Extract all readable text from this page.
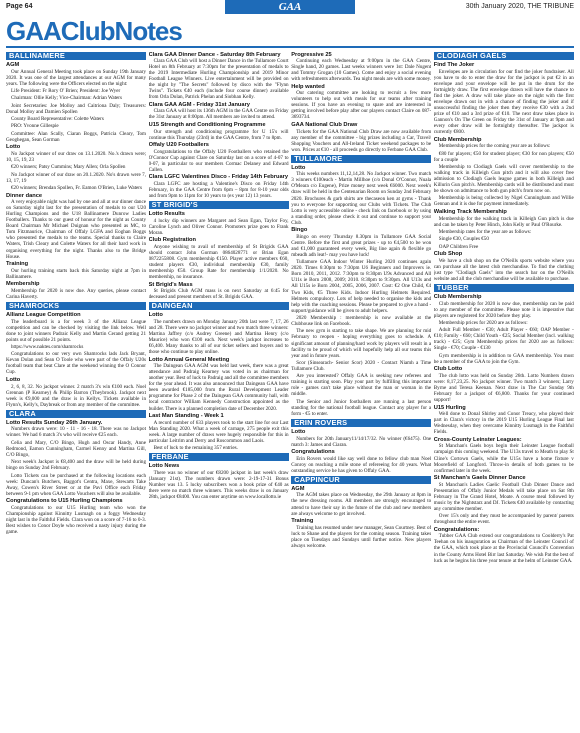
Page 64	GAA	30th January 2020, THE TRIBUNE
GAAClubNotes
BALLINAMERE
AGM
Our Annual General Meeting took place on Sunday 19th January 2020. It was one of the largest attendances at our AGM for many years. The following were the Officers elected on the night:
Life President: Fr Rory O' Brien; President: Joe Wyer
Chairman: Ollie Kelly; Vice-Chairman: Adrian Waters
Joint Secretaries: Joe Molloy and Caitriona Daly; Treasurers: Donal Molloy and Damien Spollen
County Board Representative: Colette Waters
PRO: Yvonne Gillespie
Committee: Alan Scally, Ciaran Boggs, Patricia Cleary, Tom Geoghegan, Sean Gorman
Lotto
No Jackpot winner of our draw on 13.1.2020. No.'s drawn were; 10, 15, 19, 23
€20 winners; Patsy Cummins; Mary Allen; Orla Spollen
No Jackpot winner of our draw on 20.1.2020. No's drawn were 7, 13, 17, 19
€20 winners; Brendan Spollen, Fr. Eamon O'Brien, Luke Waters
Dinner dance
A very enjoyable night was had by one and all at our dinner dance on Saturday night last for the presentation of medals to our U20 Hurling Champions and the U18 Ballinamere Dunrow Ladies Footballers. Thanks to our guest of honour for the night as County Board Chairman Mr Michael Duignan who presented as MC, to Tom Fitzmaurice, Chairman of Offaly LGFA and Eoghan Boggs who presented the medals to the teams. Special thanks to Claire Waters, Trish Cleary and Colette Waters for all their hard work in organising everything for the night. Thanks also to the Bridge House.
Training
Our hurling training starts back this Saturday night at 7pm in Ballinamere.
Membership
Membership for 2020 is now due. Any queries, please contact Carina Haverty.
SHAMROCKS
Allianz League Competition
The leaderboard is a for week 3 of the Allianz League competition and can be checked by visiting the link below. Well done to joint winners Padraic Kelly and Martin Cerand getting 21 points out of possible 21 points.
https://www.naktes.com/shamrocks
Congratulations to our very own Shamrocks lads Jack Bryant, Kevan Dolan and Sean O Toole who were part of the Offaly U20s football team that beat Clare at the weekend winning the O Connor Cup.
Lotto
2, 6, 8, 32. No jackpot winner. 2 match 3's win €100 each. Noel Grennan (P Kearney) & Philip Barron (Theybrook). Jackpot next week is €9,000 and the draw is in Kellys. Tickets available in Flynn's, Kelly's, Daybreak or from any member of the committee.
CLARA
Lotto Results Sunday 26th January.
Numbers drawn were: 10 - 11 - 16 - 18. There was no Jackpot winner. We had 6 match 3's who will receive €25 each.
Celia and Mary, C/O Bingo, Hugh and Oscar Handy, Anne Redmond, Eamon Cunningham, Carmel Kenny and Martina Gill, C/O Bingo,
Next week's Jackpot is €8,400 and the draw will be held during bingo on Sunday 2nd February.
Lotto Tickets can be purchased at the following locations each week: Duncan's Butchers, Baggot's Centra, Maxe, Stewarts Take Away, Cowen's River Street or at the Pavi Office each Friday between 9-1 pm when GAA Lotto Vouchers will also be available.
Congratulations to U15 Hurling Champions
Congratulations to our U15 Hurling team who won the Championship against Kinnitty Lusmagh on a foggy Wednesday night last in the Faithful Fields. Clara won on a score of 7-16 to 0-3. Best wishes to Conor Doyle who received a nasty injury during the game.
Clara GAA Dinner Dance - Saturday 8th February
Clara GAA Club will host a Dinner Dance in the Tullamore Court Hotel on 8th February at 7:30pm for the presentation of medals to the 2019 Intermediate Hurling Championship and 2019 Minor Football League Winners. Live entertainment will be provided on the night by "The Secrets" followed by disco with the "Flynn Twins". Tickets €40 each (include four course dinner) available from Orla Dolan, Patrick Phelan and Siobhan Kelly.
Clara GAA AGM - Friday 31st January
Clara GAA will host its 136th AGM in the GAA Centre on Friday the 31st January at 8:00pm. All members are invited to attend.
U15 Strength and Conditioning Programme
Our strength and conditioning programme for U 15's will continue this Thursday (23rd) in the GAA Centre, from 7 to 8pm.
Offaly U20 Footballers
Congratulations to the Offaly U20 Footballers who retained the O'Connor Cup against Clare on Saturday last on a score of 4-07 to 0-07, in particular to our members Cormac Delaney and Edward Callen.
Clara LGFC Valentines Disco - Friday 14th February
Clara LGFC are hosting a Valentine's Disco on Friday 14th February, in the GAA Centre from 6pm – 8pm for 8-10 year olds and from 9pm to 11pm for 10 years to (ex year 12) 13 years.
ST BRIGID'S
Lotto Results
4 lucky dip winners are Margaret and Sean Egan, Taylor Foy, Caroline Lynch and Oliver Connor. Promoters prize goes to Frank Moran.
Club Registration
Anyone wishing to avail of membership of St Brigids GAA should contact John Gorman 0864028771 or Brian Egan 0872255808. Gym membership €150. Player active members €60, student players €30, individual membership €30, family membership €50. Group Rate for membership 1/1/2020. No membership, no insurance.
St Brigid's Mass
St Brigids Club AGM mass is on next Saturday at 6:45 for deceased and present members of St. Brigids GAA.
DAINGEAN
Lotto
The numbers drawn on Monday January 20th last were 7, 17, 26 and 28. There were no jackpot winner and two match three winners: Martina Jaffrey (c/o Audrey Greene) and Martina Henry (c/o Maurice) who won €100 each. Next week's jackpot increases to €6,400. Many thanks to all of our ticket sellers and buyers and to those who continue to play online.
Lotto Annual General Meeting
The Daingean GAA AGM was held last week, there was a great attendance and Padraig Kearney was voted in as chairman for another year. Best of luck to Padraig and all the committee members for the year ahead. It was also announced that Daingean GAA have been awarded €185,000 from the Rural Development Leader programme for Phase 2 of the Daingean GAA community hall, with local contractor William Kennedy Construction appointed as the builder. There is a planned completion date of December 2020.
Last Man Standing - Week 1
A record number of 633 players took to the start line for our Last Man Standing 2020. What a week of carnage, 275 people exit this week. A large number of draws were hugely responsible for this in particular Leitrim and Derry and Roscommon and Laois.
Best of luck to the remaining 357 entries.
FERBANE
Lotto News
There was no winner of our €8200 jackpot in last week's draw (January 21st). The numbers drawn were: 2-19-17-31 Bonus Number was 13. 5 lucky subscribers won a book prize of €40 as there were no match three winners. This weeks draw is on January 28th, jackpot €8400. You can enter anytime on www.locallotto.ie
Progressive 25
Continuing each Wednesday at 9:00pm in the GAA Centre, Single hand, 20 games. Last weeks winners were 1st: Dale Nugent and Tommy Grogan (10 Games). Come and enjoy a social evening with refreshments afterwards. Tea night meals are with some money.
Help wanted
Our catering committee are looking to recruit a few more volunteers to help out with meals for our teams after training sessions. If you have an evening to spare and are interested in getting involved before play after our players contact Claire on 087-3693734.
GAA National Club Draw
Tickets for the GAA National Club Draw are now available from any member of the committee - big prizes including a Car, Travel/ Shopping Vouchers and All-Ireland Ticket weekend packages to be won. Prices at €10 - all proceeds go directly to Ferbane GAA Club.
TULLAMORE
Lotto
This weeks numbers 11,12,14,28. No Jackpot winner. Two match 3 winners €100each - Martin Millhoe (c/o Donal O'Connor, Nuala O'Meara c/o Eugene), Prize money next week €6000. Next week's draw will be held in the Centenarian Room on Sunday 2nd February 2020. Brochures & garb shirts are thecaseon ken at gyms - Thank you to everyone for supporting our Clubs with Tickets. The Club Lotto is very accessible online - check link on facebook or by using a standing order, please check it out and continue to support your Club.
Bingo
Bingo on every Thursday 8.30pm in Tullamore GAA Social Centre. Before the first and great prizes - up to €4,500 to be won and €1,000 guaranteed every week, Big line again & flexible go mbeadh adh leat!- may you have luck!
Tullamore GAA Indoor Winter Hurling 2020 continues again 2020. Times 6:30pm to 7:30pm U6 Beginners and Improvers ie. Born 2010, 2011, 2012. 7:30pm to 8:30pm U9s Advanced and All U11s ie Born 2008, 2009; 2010. 8:30pm to 9:30pm. All U13s and All U15s ie Born 2004, 2005, 2006, 2007. Cost: €2 One Child, €4 Two Kids, €5 Three Kids. Indoor Hurling Helmets Required. Helmets compulsory. Lots of help needed to organise the kids and help with the coaching sessions. Please be prepared to give a hand - support/guidance will be given to adult helpers.
2020 Membership : membership is now available at the Clubhouse link on Facebook.
The new gym is starting to take shape. We are planning for mid February to reopen - hoping everything goes to schedule. A significant amount of planning/hard work by players will result in a facility to be proud of which will hopefully help all our teams this year and in future years.
Scor (Sinsearach- Senior Scor) 2020 - Contact Niamh a Time Tullamore Club.
Are you interested? Offaly GAA is seeking new referees and training is starting soon. Play your part by fulfilling this important role - games can't take place without the man or woman in the middle.
The Senior and Junior footballers are running a last person standing for the national football league. Contact any player for a form - €5 to enter.
ERIN ROVERS
Lotto
Numbers for 20th January11/14/17/32. No winner (€6475). One match 3: James and Ciaran.
Congratulations
Erin Rovers would like say well done to fellow club man Noel Conroy on reaching a mile stone of refereeing for 40 years. What outstanding service he has given to Offaly GAA.
CAPPINCUR
AGM
The AGM takes place on Wednesday, the 29th January at 8pm in the new dressing rooms. All members are strongly encouraged to attend to have their say in the future of the club and new members are always welcome to get involved.
Training
Training has resumed under new manager, Sean Courtney. Best of luck to Shane and the players for the coming season. Training takes place on Tuesdays and Sundays until further notice. New players always welcome.
CLODIAGH GAELS
Find The Joker
Envelopes are in circulation for our find the joker fundraiser. All you have to do to enter the draw for the jackpot is put €2 in an envelope and your envelope will be put in the drum for the fortnightly draw. The first envelope drawn will have the chance to find the joker. A draw will take place on the night with the first envelope drawn out in with a chance of finding the joker and if unsuccessful finding the joker then they receive €30 with a 2nd prize of €10 and a 3rd prize of €10. The next draw takes place in Gannon's On The Green on Friday the 31st of January at 9pm and every other draw will be fortnightly thereafter. The jackpot is currently €800.
Club Membership
Membership prices for the coming year are as follows:
€80 for players; €50 for student player; €30 for non players; €50 for a couple
Membership to Clodiagh Gaels will cover membership to the walking track in Killeigh Gun pitch and it will also cover free admission to Clodiagh Gaels league games in both Killeigh and Killurin Gun pitch's. Membership cards will be distributed and must be shown on admittance to both gun pitch's from now on.
Membership is being collected by Nigel Cunningham and Willie Gennan and it is due for payment immediately.
Walking Track Membership
Membership for the walking track in Killeigh Gun pitch is due and can be taken by Peter Hinch, John Kelly or Paul O'Rourke.
Membership rates for the year are as follows:
Single €30, Couples €50
OAP Children Free
Club Shop
We have a club shop on the O'Neills sports website where you can purchase all the latest club merchandise. To find the clothing just type "Clodiagh Gaels" into the search bar on the O'Neills website and all the club merchandise will be available to purchase.
TUBBER
Club Membership
Club membership for 2020 is now due, membership can be paid to any member of the committee. Please note it is imperative that players are registered for 2020 before they play.
Membership prices for 2020 are as follows:
Adult Full Member - €30; Adult Player - €60; OAP Member - €10; Family - €60; Child Youth - €25; Social Member (incl. walking track) - €25; Gym Membership prices for 2020 are as follows: Single - €70; Couple - €130
Gym membership is in addition to GAA membership. You must be a member of the GAA to join the Gym.
Club Lotto
The club lotto was held on Sunday 26th. Lotto Numbers drawn were: 8,17,23,25. No jackpot winner. Two match 3 winners; Larry Byrne and Teresa Keenan. Next draw in The Car Sunday 9th February for a jackpot of €6,800. Thanks for your continued support!
U15 Hurling
Well done to Donal Shirley and Conor Treacy, who played their part in Clara's victory in the 2019 U15 Hurling League Final last Wednesday, when they overcame Kinnitty Lusmagh in the Faithful Fields.
Cross-County Leinster Leagues:
St Manchan's Gaels boys begin their Leinster League football campaign this coming weekend. The U13s travel to Meath to play St Cline's Cortown Gaels, while the U15s have a home fixture v Moorefield of Longford. Throw-in details of both games to be confirmed later in the week.
St Manchan's Gaels Dinner Dance
St Manchan's Ladies Gaelic Football Club Dinner Dance and Presentation of Offaly Junior Medals will take place on Sat 8th February in The Grand Hotel, Moate. A course meal followed by music by the Nightstarz and DJ. Tickets €40 available by contacting any committee member.
Over 15's only and they must be accompanied by parent/ parents throughout the entire event.
Congratulations:
Tubber GAA Club extend our congratulations to Coolderry's Pat Teehan on his inauguration as Chairman of the Leinster Council of the GAA, which took place at the Provincial Council's Convention in the County Arms Hotel Birr last Saturday. We wish Pat the best of luck as he begins his three year tenure at the helm of Leinster GAA.
